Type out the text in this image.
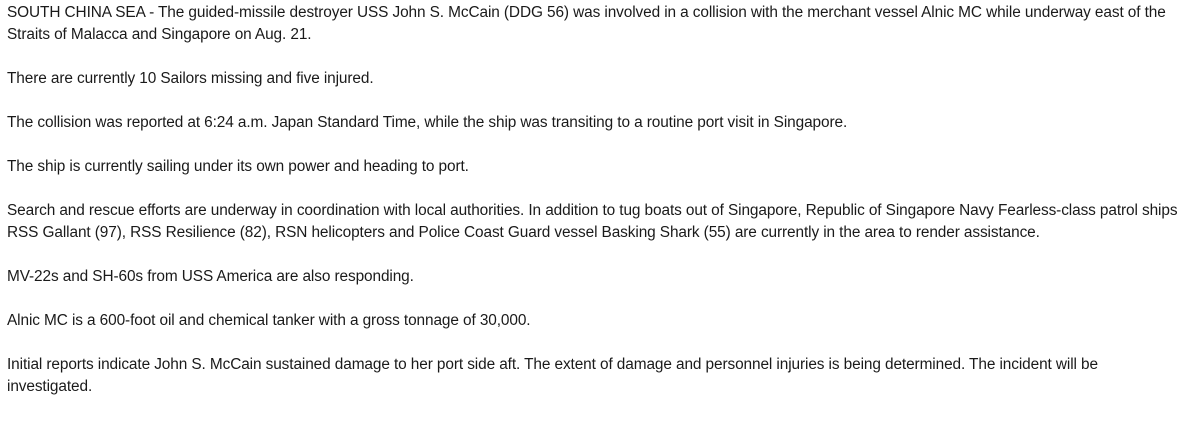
SOUTH CHINA SEA - The guided-missile destroyer USS John S. McCain (DDG 56) was involved in a collision with the merchant vessel Alnic MC while underway east of the Straits of Malacca and Singapore on Aug. 21.

There are currently 10 Sailors missing and five injured.

The collision was reported at 6:24 a.m. Japan Standard Time, while the ship was transiting to a routine port visit in Singapore.

The ship is currently sailing under its own power and heading to port.

Search and rescue efforts are underway in coordination with local authorities. In addition to tug boats out of Singapore, Republic of Singapore Navy Fearless-class patrol ships RSS Gallant (97), RSS Resilience (82), RSN helicopters and Police Coast Guard vessel Basking Shark (55) are currently in the area to render assistance.

MV-22s and SH-60s from USS America are also responding.

Alnic MC is a 600-foot oil and chemical tanker with a gross tonnage of 30,000.

Initial reports indicate John S. McCain sustained damage to her port side aft. The extent of damage and personnel injuries is being determined. The incident will be investigated.
